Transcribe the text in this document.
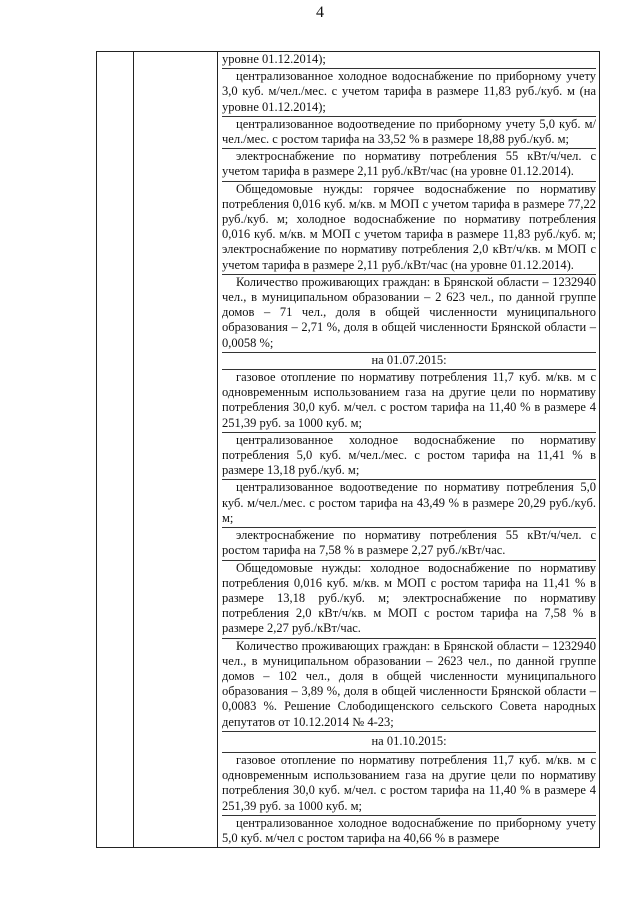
4

уровне 01.12.2014);

централизованное холодное водоснабжение по приборному учету 3,0 куб. м/чел./мес. с учетом тарифа в размере 11,83 руб./куб. м (на уровне 01.12.2014);

централизованное водоотведение по приборному учету 5,0 куб. м/чел./мес. с ростом тарифа на 33,52 % в размере 18,88 руб./куб. м;

электроснабжение по нормативу потребления 55 кВт/ч/чел. с учетом тарифа в размере 2,11 руб./кВт/час (на уровне 01.12.2014).

Общедомовые нужды: горячее водоснабжение по нормативу потребления 0,016 куб. м/кв. м МОП с учетом тарифа в размере 77,22 руб./куб. м; холодное водоснабжение по нормативу потребления 0,016 куб. м/кв. м МОП с учетом тарифа в размере 11,83 руб./куб. м; электроснабжение по нормативу потребления 2,0 кВт/ч/кв. м МОП с учетом тарифа в размере 2,11 руб./кВт/час (на уровне 01.12.2014).

Количество проживающих граждан: в Брянской области – 1232940 чел., в муниципальном образовании – 2 623 чел., по данной группе домов – 71 чел., доля в общей численности муниципального образования – 2,71 %, доля в общей численности Брянской области – 0,0058 %;

на 01.07.2015:

газовое отопление по нормативу потребления 11,7 куб. м/кв. м с одновременным использованием газа на другие цели по нормативу потребления 30,0 куб. м/чел. с ростом тарифа на 11,40 % в размере 4 251,39 руб. за 1000 куб. м;

централизованное холодное водоснабжение по нормативу потребления 5,0 куб. м/чел./мес. с ростом тарифа на 11,41 % в размере 13,18 руб./куб. м;

централизованное водоотведение по нормативу потребления 5,0 куб. м/чел./мес. с ростом тарифа на 43,49 % в размере 20,29 руб./куб. м;

электроснабжение по нормативу потребления 55 кВт/ч/чел. с ростом тарифа на 7,58 % в размере 2,27 руб./кВт/час.

Общедомовые нужды: холодное водоснабжение по нормативу потребления 0,016 куб. м/кв. м МОП с ростом тарифа на 11,41 % в размере 13,18 руб./куб. м; электроснабжение по нормативу потребления 2,0 кВт/ч/кв. м МОП с ростом тарифа на 7,58 % в размере 2,27 руб./кВт/час.

Количество проживающих граждан: в Брянской области – 1232940 чел., в муниципальном образовании – 2623 чел., по данной группе домов – 102 чел., доля в общей численности муниципального образования – 3,89 %, доля в общей численности Брянской области – 0,0083 %. Решение Слободищенского сельского Совета народных депутатов от 10.12.2014 № 4-23;

на 01.10.2015:

газовое отопление по нормативу потребления 11,7 куб. м/кв. м с одновременным использованием газа на другие цели по нормативу потребления 30,0 куб. м/чел. с ростом тарифа на 11,40 % в размере 4 251,39 руб. за 1000 куб. м;

централизованное холодное водоснабжение по приборному учету 5,0 куб. м/чел с ростом тарифа на 40,66 % в размере
